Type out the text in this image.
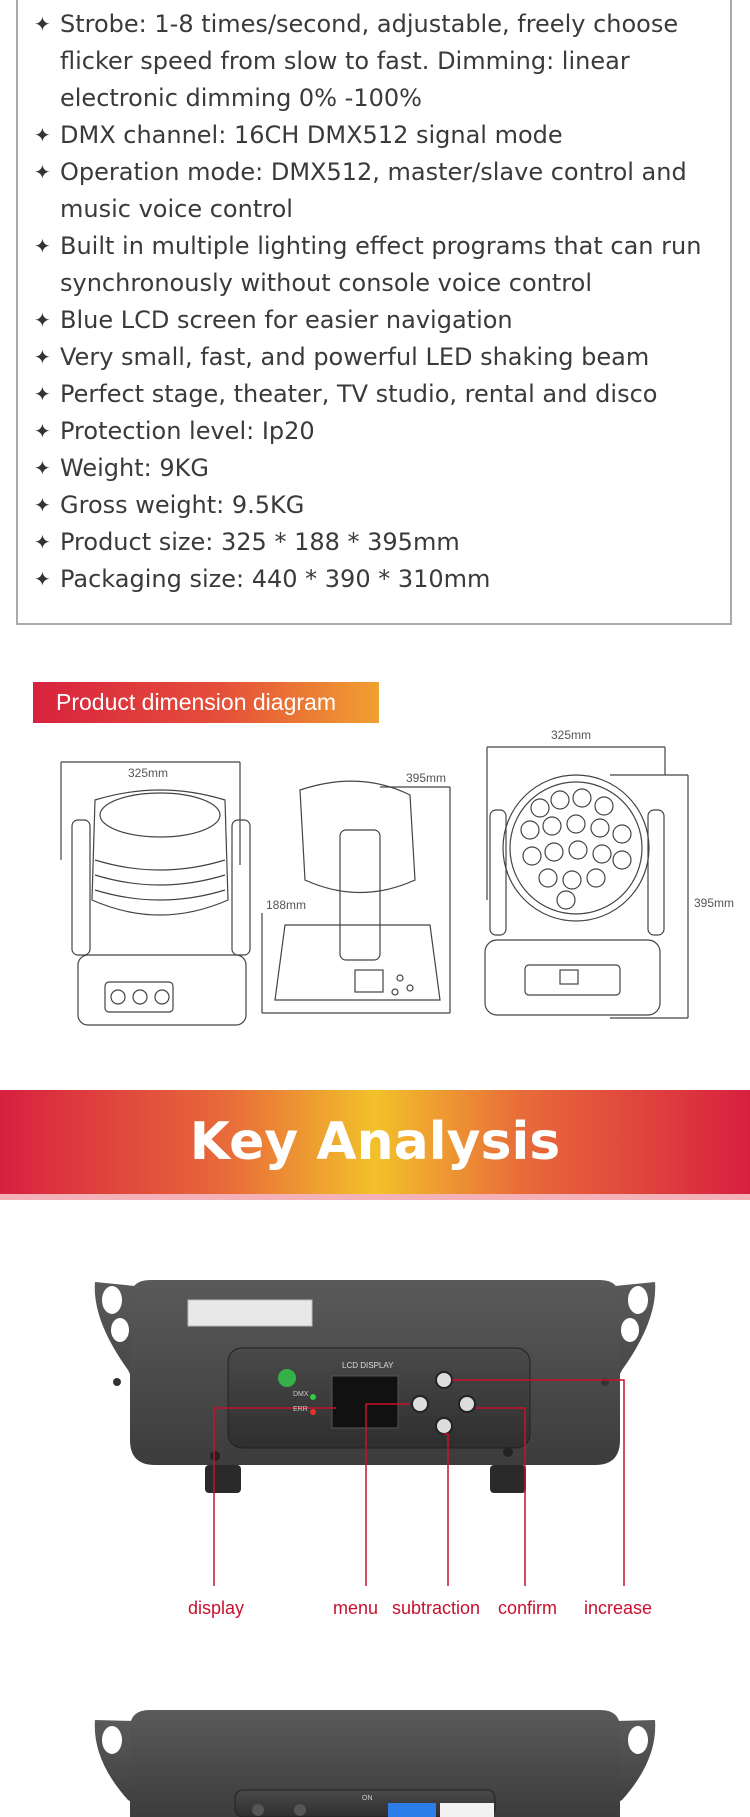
✦ Strobe: 1-8 times/second, adjustable, freely choose flicker speed from slow to fast. Dimming: linear electronic dimming 0% -100%
✦ DMX channel: 16CH DMX512 signal mode
✦ Operation mode: DMX512, master/slave control and music voice control
✦ Built in multiple lighting effect programs that can run synchronously without console voice control
✦ Blue LCD screen for easier navigation
✦ Very small, fast, and powerful LED shaking beam
✦ Perfect stage, theater, TV studio, rental and disco
✦ Protection level: Ip20
✦ Weight: 9KG
✦ Gross weight: 9.5KG
✦ Product size: 325 * 188 * 395mm
✦ Packaging size: 440 * 390 * 310mm
Product dimension diagram
325mm	395mm
188mm
325mm
395mm
Key Analysis
LCD DISPLAY
DMX
ERR
ON
display	menu subtraction confirm increase
